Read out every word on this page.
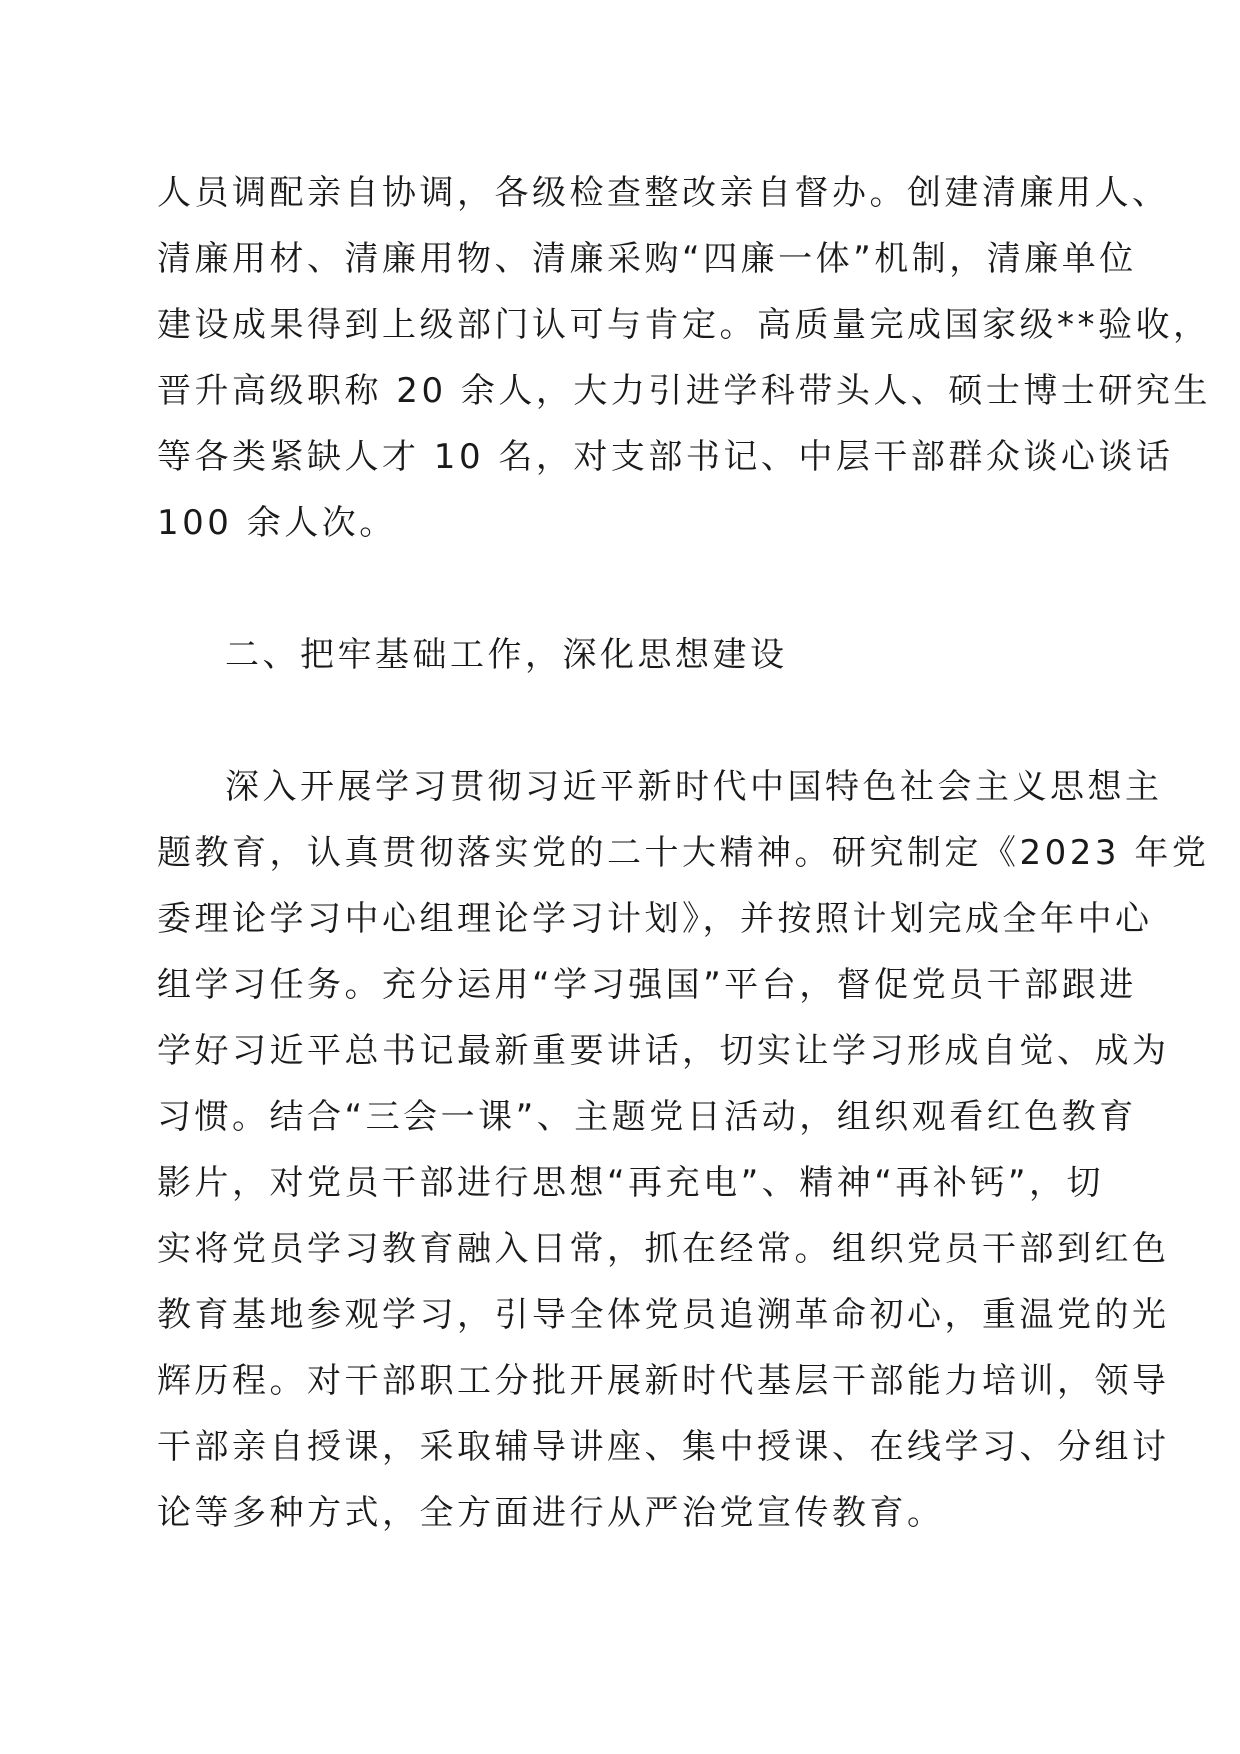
人员调配亲自协调，各级检查整改亲自督办。创建清廉用人、
清廉用材、清廉用物、清廉采购“四廉一体”机制，清廉单位
建设成果得到上级部门认可与肯定。高质量完成国家级**验收，
晋升高级职称 20 余人，大力引进学科带头人、硕士博士研究生
等各类紧缺人才 10 名，对支部书记、中层干部群众谈心谈话
100 余人次。
二、把牢基础工作，深化思想建设
深入开展学习贯彻习近平新时代中国特色社会主义思想主
题教育，认真贯彻落实党的二十大精神。研究制定《2023 年党
委理论学习中心组理论学习计划》，并按照计划完成全年中心
组学习任务。充分运用“学习强国”平台，督促党员干部跟进
学好习近平总书记最新重要讲话，切实让学习形成自觉、成为
习惯。结合“三会一课”、主题党日活动，组织观看红色教育
影片，对党员干部进行思想“再充电”、精神“再补钙”，切
实将党员学习教育融入日常，抓在经常。组织党员干部到红色
教育基地参观学习，引导全体党员追溯革命初心，重温党的光
辉历程。对干部职工分批开展新时代基层干部能力培训，领导
干部亲自授课，采取辅导讲座、集中授课、在线学习、分组讨
论等多种方式，全方面进行从严治党宣传教育。
